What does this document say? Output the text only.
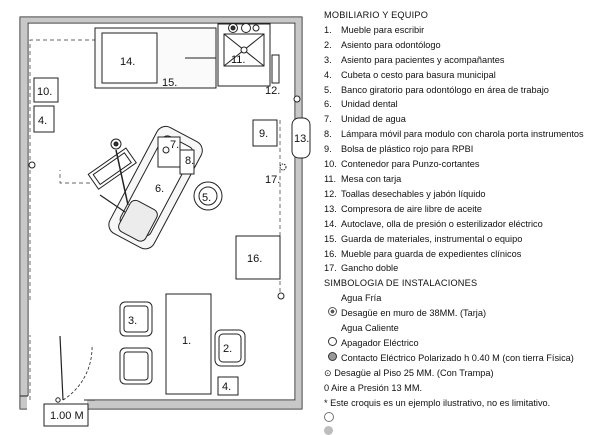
1.
2.
3.
4.
4.
5.
6.
7.
8.
9.
10.
11.
12.
13.
14.
15.
16.
17.
1.00 M
MOBILIARIO Y EQUIPO
1.	Mueble para escribir
2.	Asiento para odontólogo
3.	Asiento para pacientes y acompañantes
4.	Cubeta o cesto para basura municipal
5.	Banco giratorio para odontólogo en área de trabajo
6.	Unidad dental
7.	Unidad de agua
8.	Lámpara móvil para modulo con charola porta instrumentos
9.	Bolsa de plástico rojo para RPBI
10. Contenedor para Punzo-cortantes
11. Mesa con tarja
12. Toallas desechables y jabón líquido
13. Compresora de aire libre de aceite
14. Autoclave, olla de presión o esterilizador eléctrico
15. Guarda de materiales, instrumental o equipo
16. Mueble para guarda de expedientes clínicos
17. Gancho doble
SIMBOLOGIA DE INSTALACIONES
Agua Fría
Desagüe en muro de 38MM. (Tarja)
Agua Caliente
Apagador Eléctrico
Contacto Eléctrico Polarizado h 0.40 M (con tierra Física)
⊙ Desagüe al Piso 25 MM. (Con Trampa)
0 Aire a Presión 13 MM.
* Este croquis es un ejemplo ilustrativo, no es limitativo.
